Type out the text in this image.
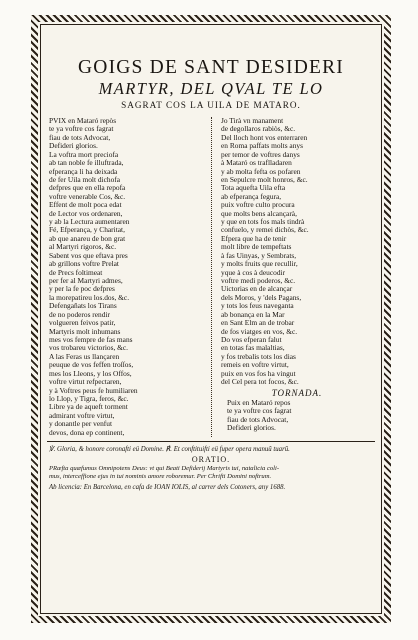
GOIGS DE SANT DESIDERI
MARTYR, DEL QVAL TE LO
SAGRAT COS LA UILA DE MATARO.
PVIX en Mataró repòs
te ya voftre cos fagrat
fiau de tots Advocat,
Defideri glorios.
La voftra mort preciofa
ab tan noble fe illuftrada,
efperança li ha deixada
de fer Uila molt dichofa
defpres que en ella repofa
voftre venerable Cos, &c.
Effent de molt poca edat
de Lector vos ordenaren,
y ab la Lectura aumentaren
Fé, Efperança, y Charitat,
ab que anareu de bon grat
al Martyri rigoros, &c.
Sabent vos que eftava pres
ab grillons voftre Prelat
de Precs foltimeat
per fer al Martyri admes,
y per la fe poc defpres
la morepatireu los.dos, &c.
Defengañats los Tirans
de no poderos rendir
volgueren feivos patir,
Martyris molt inhumans
mes vos fempre de fas mans
vos trobareu victorios, &c.
A las Feras us llançaren
peuque de vos feffen troſſos,
mes los Lleons, y los Offos,
voftre virtut refpectaren,
y à Voftres peus fe humiliaren
lo Llop, y Tigra, feros, &c.
Libre ya de aqueft torment
admirant voftre virtut,
y donantle per venfut
devos, dona ep continent,
Jo Tirà vn manament
de degollaros rabiòs, &c.
Del lloch hont vos enterraren
en Roma paffats molts anys
per temor de voftres danys
à Mataró os traflladaren
y ab molta fefta os pofaren
en Sepulcre molt honros, &c.
Tota aquefta Uila efta
ab efperança fegura,
puix voftre culto procura
que molts bens alcançarà,
y que en tots fos mals tindrà
confuelo, y remei dichòs, &c.
Efpera que ha de tenir
molt libre de tempeftats
à fas Uinyas, y Sembrats,
y molts fruits que recullir,
yque à cos à deucodir
voftre medi poderos, &c.
Uictorias en de alcançar
dels Moros, y 'dels Pagans,
y tots los feus naveganta
ab bonança en la Mar
en Sant Elm an de trobar
de fos viatges en vos, &c.
Do vos efperan falut
en totas fas malaltias,
y fos trebalis tots los dias
remeis en voftre virtut,
puix en vos fos ha vingut
del Cel pera tot focos, &c.
TORNADA.
Puix en Mataró repos
te ya voftre cos fagrat
fiau de tots Advocat,
Defideri glorios.
℣. Gloria, & honore coronafti eü Domine. ℟. Et conftituifti eü fuper opera manuũ tuarū.
ORATIO.
PRæfta quæfumus Omnipotens Deus: vt qui Beati Defiderij Martyris tui, natalicia coli-
mus, interceffione ejus in tui nominis amore roboremur. Per Chrifti Domini noftrum.
Ab licencia: En Barcelona, en cafa de IOAN IOLIS, al carrer dels Cotoners, any 1688.
